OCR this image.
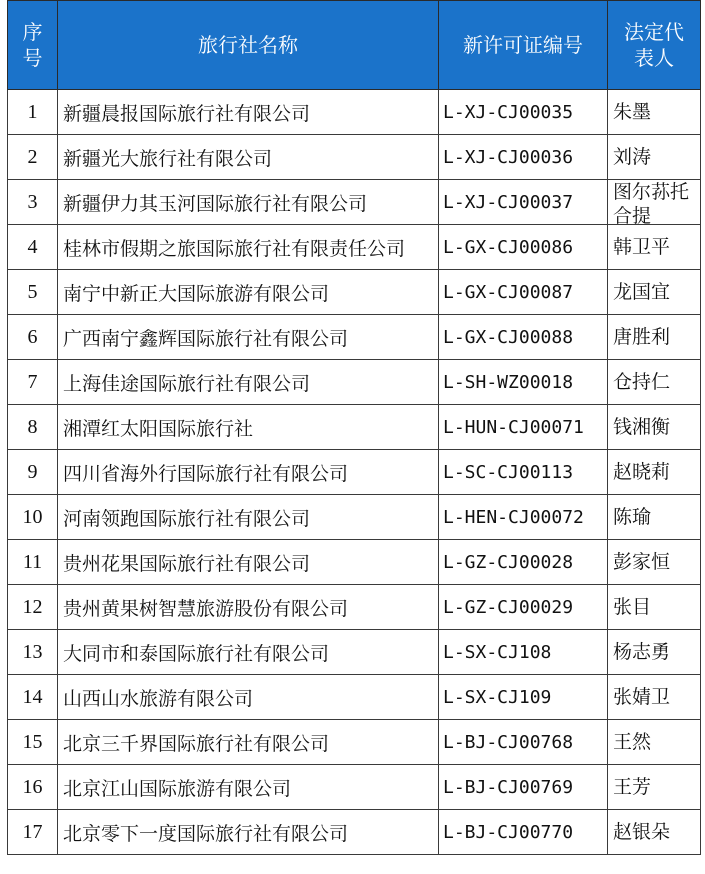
序号	旅行社名称	新许可证编号	法定代表人
1	新疆晨报国际旅行社有限公司	L-XJ-CJ00035	朱墨

2	新疆光大旅行社有限公司	L-XJ-CJ00036	刘涛

3	新疆伊力其玉河国际旅行社有限公司	L-XJ-CJ00037	图尔荪托合提

4	桂林市假期之旅国际旅行社有限责任公司	L-GX-CJ00086	韩卫平

5	南宁中新正大国际旅游有限公司	L-GX-CJ00087	龙国宜

6	广西南宁鑫辉国际旅行社有限公司	L-GX-CJ00088	唐胜利

7	上海佳途国际旅行社有限公司	L-SH-WZ00018	仓持仁

8	湘潭红太阳国际旅行社	L-HUN-CJ00071	钱湘衡

9	四川省海外行国际旅行社有限公司	L-SC-CJ00113	赵晓莉

10	河南领跑国际旅行社有限公司	L-HEN-CJ00072	陈瑜

11	贵州花果国际旅行社有限公司	L-GZ-CJ00028	彭家恒

12	贵州黄果树智慧旅游股份有限公司	L-GZ-CJ00029	张目

13	大同市和泰国际旅行社有限公司	L-SX-CJ108	杨志勇

14	山西山水旅游有限公司	L-SX-CJ109	张婧卫

15	北京三千界国际旅行社有限公司	L-BJ-CJ00768	王然

16	北京江山国际旅游有限公司	L-BJ-CJ00769	王芳

17	北京零下一度国际旅行社有限公司	L-BJ-CJ00770	赵银朵
